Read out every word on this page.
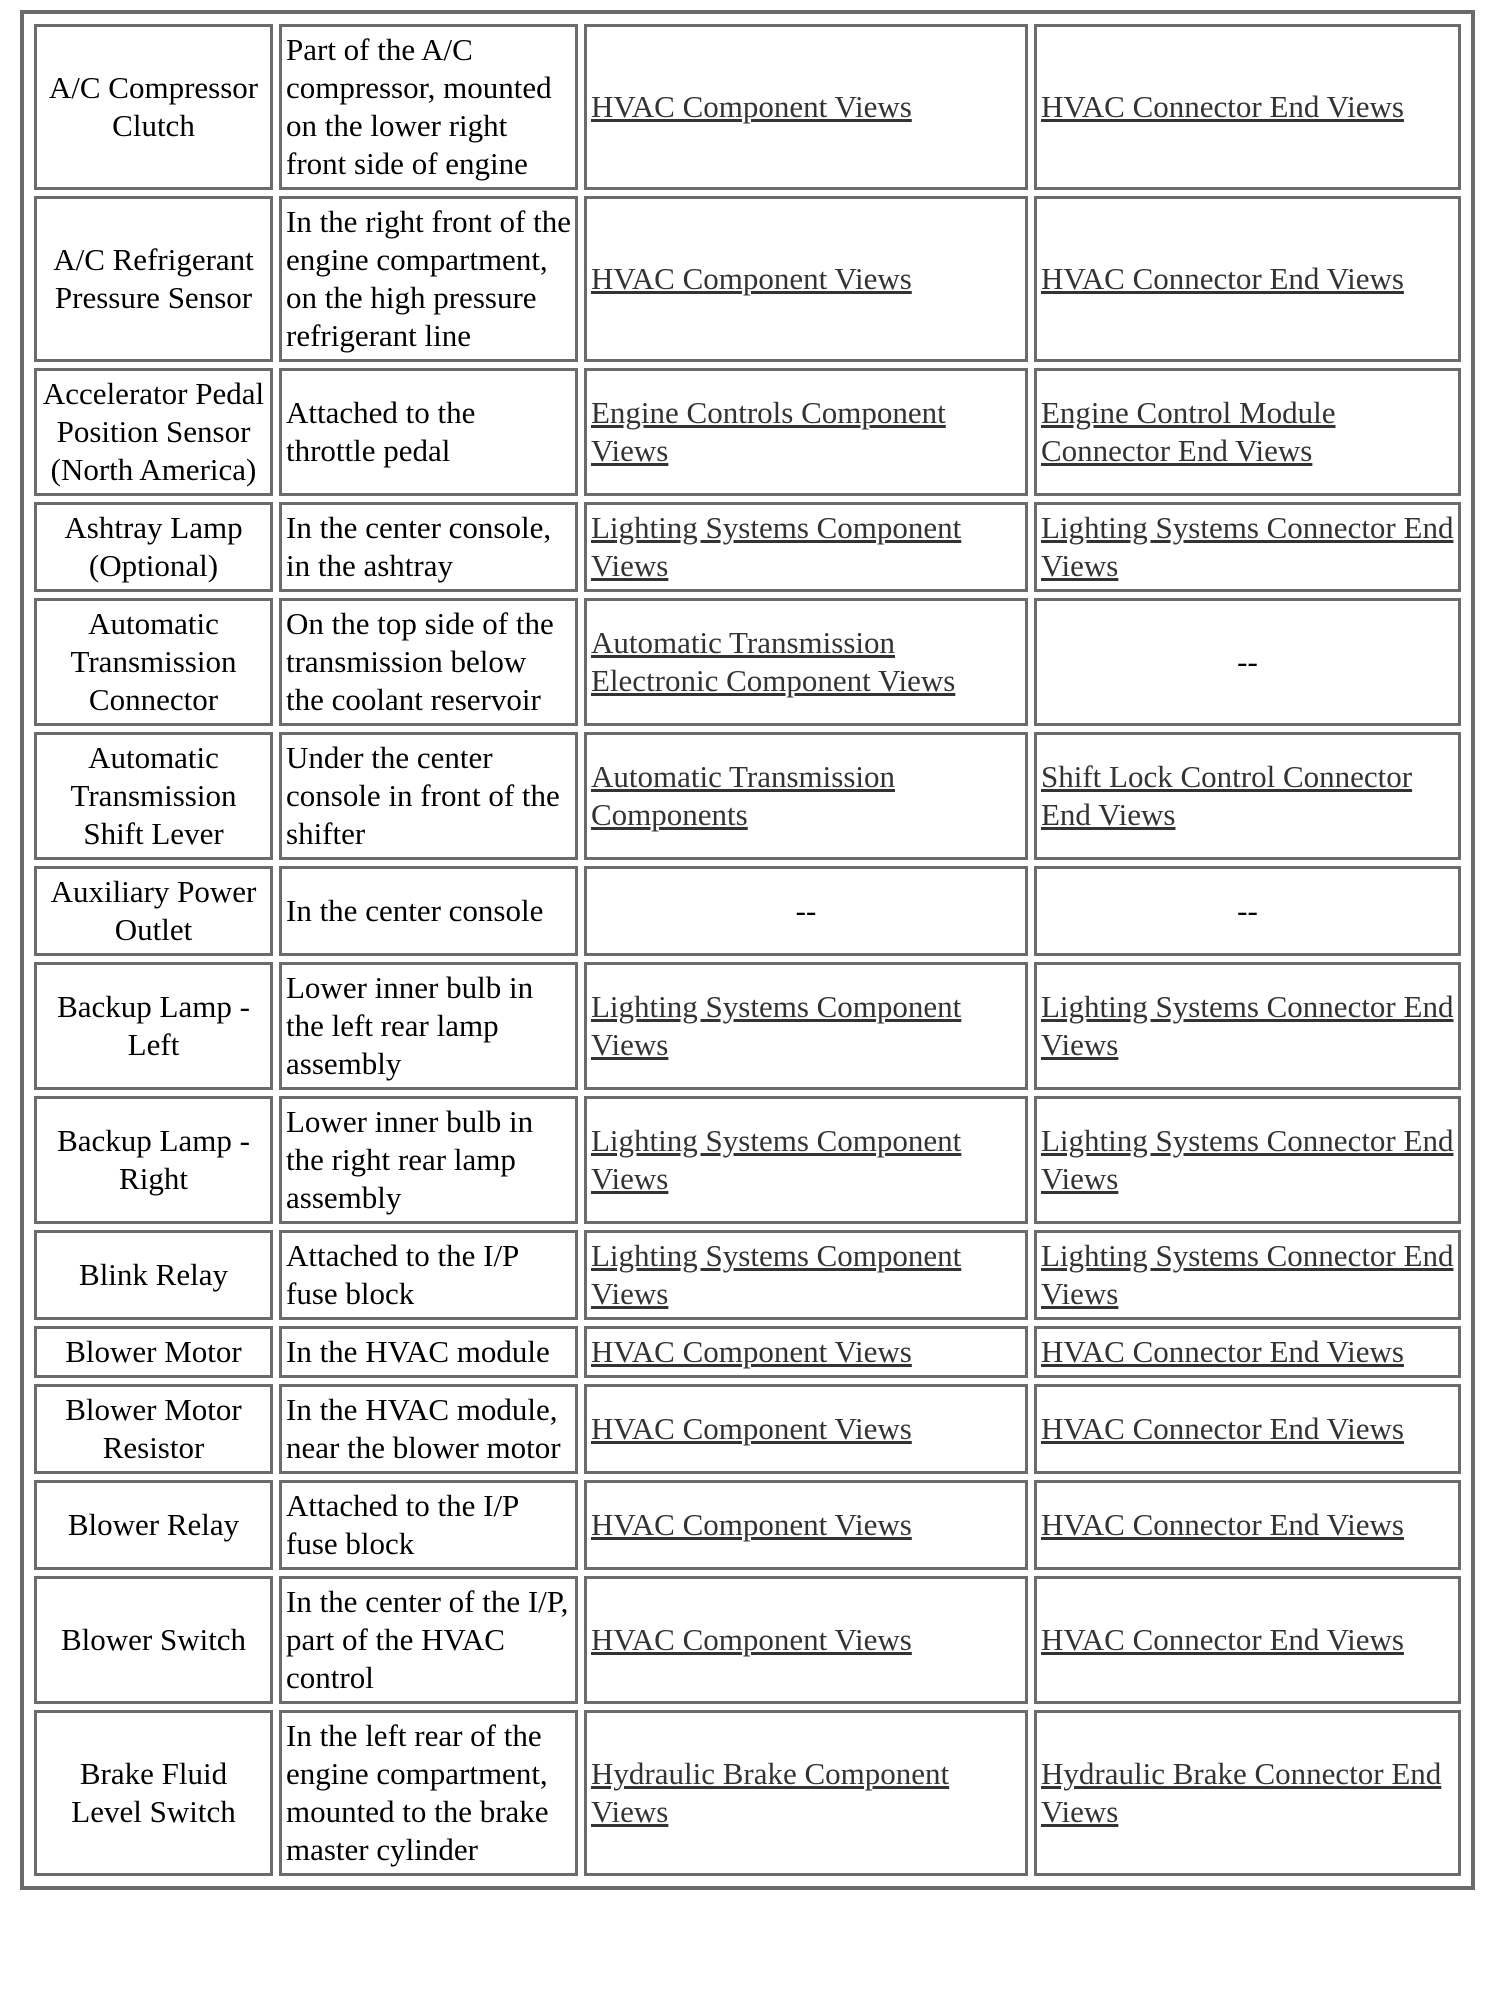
A/C Compressor Clutch	Part of the A/C compressor, mounted on the lower right front side of engine	HVAC Component Views	HVAC Connector End Views
A/C Refrigerant Pressure Sensor	In the right front of the engine compartment, on the high pressure refrigerant line	HVAC Component Views	HVAC Connector End Views
Accelerator Pedal Position Sensor (North America)	Attached to the throttle pedal	Engine Controls Component Views	Engine Control Module Connector End Views
Ashtray Lamp (Optional)	In the center console, in the ashtray	Lighting Systems Component Views	Lighting Systems Connector End Views
Automatic Transmission Connector	On the top side of the transmission below the coolant reservoir	Automatic Transmission Electronic Component Views	--
Automatic Transmission Shift Lever	Under the center console in front of the shifter	Automatic Transmission Components	Shift Lock Control Connector End Views
Auxiliary Power Outlet	In the center console	--	--
Backup Lamp - Left	Lower inner bulb in the left rear lamp assembly	Lighting Systems Component Views	Lighting Systems Connector End Views
Backup Lamp - Right	Lower inner bulb in the right rear lamp assembly	Lighting Systems Component Views	Lighting Systems Connector End Views
Blink Relay	Attached to the I/P fuse block	Lighting Systems Component Views	Lighting Systems Connector End Views
Blower Motor	In the HVAC module	HVAC Component Views	HVAC Connector End Views
Blower Motor Resistor	In the HVAC module, near the blower motor	HVAC Component Views	HVAC Connector End Views
Blower Relay	Attached to the I/P fuse block	HVAC Component Views	HVAC Connector End Views
Blower Switch	In the center of the I/P, part of the HVAC control	HVAC Component Views	HVAC Connector End Views
Brake Fluid Level Switch	In the left rear of the engine compartment, mounted to the brake master cylinder	Hydraulic Brake Component Views	Hydraulic Brake Connector End Views
